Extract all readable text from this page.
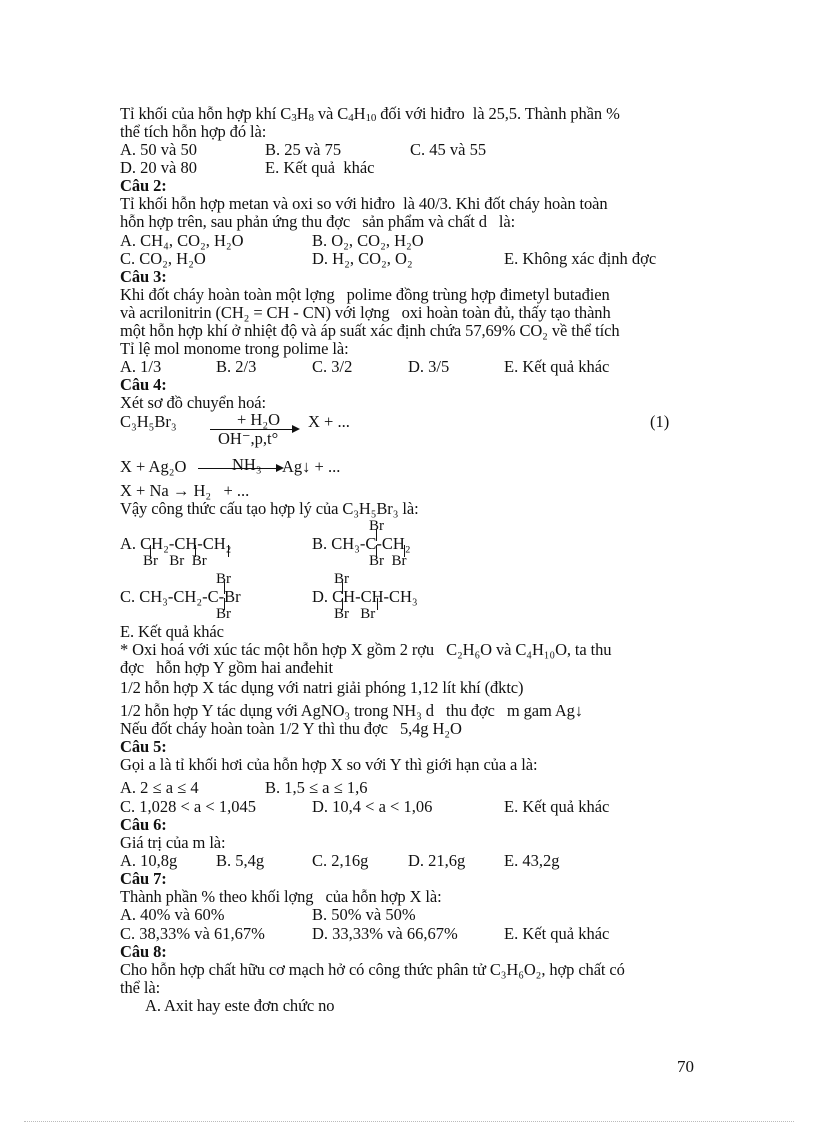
Tỉ khối của hỗn hợp khí $C_3H_8$ và $C_4H_{10}$ đối với hiđro  là 25,5. Thành phần %
thể tích hỗn hợp đó là:
A. 50 và 50	B. 25 và 75	C. 45 và 55
D. 20 và 80	E. Kết quả  khác
Câu 2:
Tỉ khối hỗn hợp metan và oxi so với hiđro  là 40/3. Khi đốt cháy hoàn toàn
hỗn hợp trên, sau phản ứng thu đợc   sản phẩm và chất d   là:
A. CH₄, CO₂, H₂O	B. O₂, CO₂, H₂O
C. CO₂, H₂O	D. H₂, CO₂, O₂	E. Không xác định đợc
Câu 3:
Khi đốt cháy hoàn toàn một lợng   polime đồng trùng hợp đimetyl butađien
và acrilonitrin (CH₂ = CH - CN) với lợng   oxi hoàn toàn đủ, thấy tạo thành
một hỗn hợp khí ở nhiệt độ và áp suất xác định chứa 57,69% CO₂ về thể tích
Tỉ lệ mol monome trong polime là:
A. 1/3	B. 2/3	C. 3/2	D. 3/5	E. Kết quả khác
Câu 4:
Xét sơ đồ chuyển hoá:
C₃H₅Br₃	+ H₂O
OH⁻,p,t°
X + ...	(1)
X + Ag₂O	NH₃ Ag↓ + ...
X + Na → H₂   + ...
Vậy công thức cấu tạo hợp lý của C₃H₅Br₃ là:
A. CH₂-CH-CH₂
Br   Br  Br
Br
B. CH₃-C-CH₂
Br  Br
Br
C. CH₃-CH₂-C-Br
Br
Br
D. CH-CH-CH₃
Br   Br
E. Kết quả khác
* Oxi hoá với xúc tác một hỗn hợp X gồm 2 rợu   C₂H₆O và C₄H₁₀O, ta thu
đợc   hỗn hợp Y gồm hai anđehit
1/2 hỗn hợp X tác dụng với natri giải phóng 1,12 lít khí (đktc)
1/2 hỗn hợp Y tác dụng với AgNO₃ trong NH₃ d   thu đợc   m gam Ag↓
Nếu đốt cháy hoàn toàn 1/2 Y thì thu đợc   5,4g H₂O
Câu 5:
Gọi a là tỉ khối hơi của hỗn hợp X so với Y thì giới hạn của a là:
A. 2 ≤ a ≤ 4	B. 1,5 ≤ a ≤ 1,6
C. 1,028 < a < 1,045	D. 10,4 < a < 1,06	E. Kết quả khác
Câu 6:
Giá trị của m là:
A. 10,8g B. 5,4g	C. 2,16g D. 21,6g E. 43,2g
Câu 7:
Thành phần % theo khối lợng   của hỗn hợp X là:
A. 40% và 60%	B. 50% và 50%
C. 38,33% và 61,67%	D. 33,33% và 66,67%	E. Kết quả khác
Câu 8:
Cho hỗn hợp chất hữu cơ mạch hở có công thức phân tử C₃H₆O₂, hợp chất có
thể là:
A. Axit hay este đơn chức no
70
